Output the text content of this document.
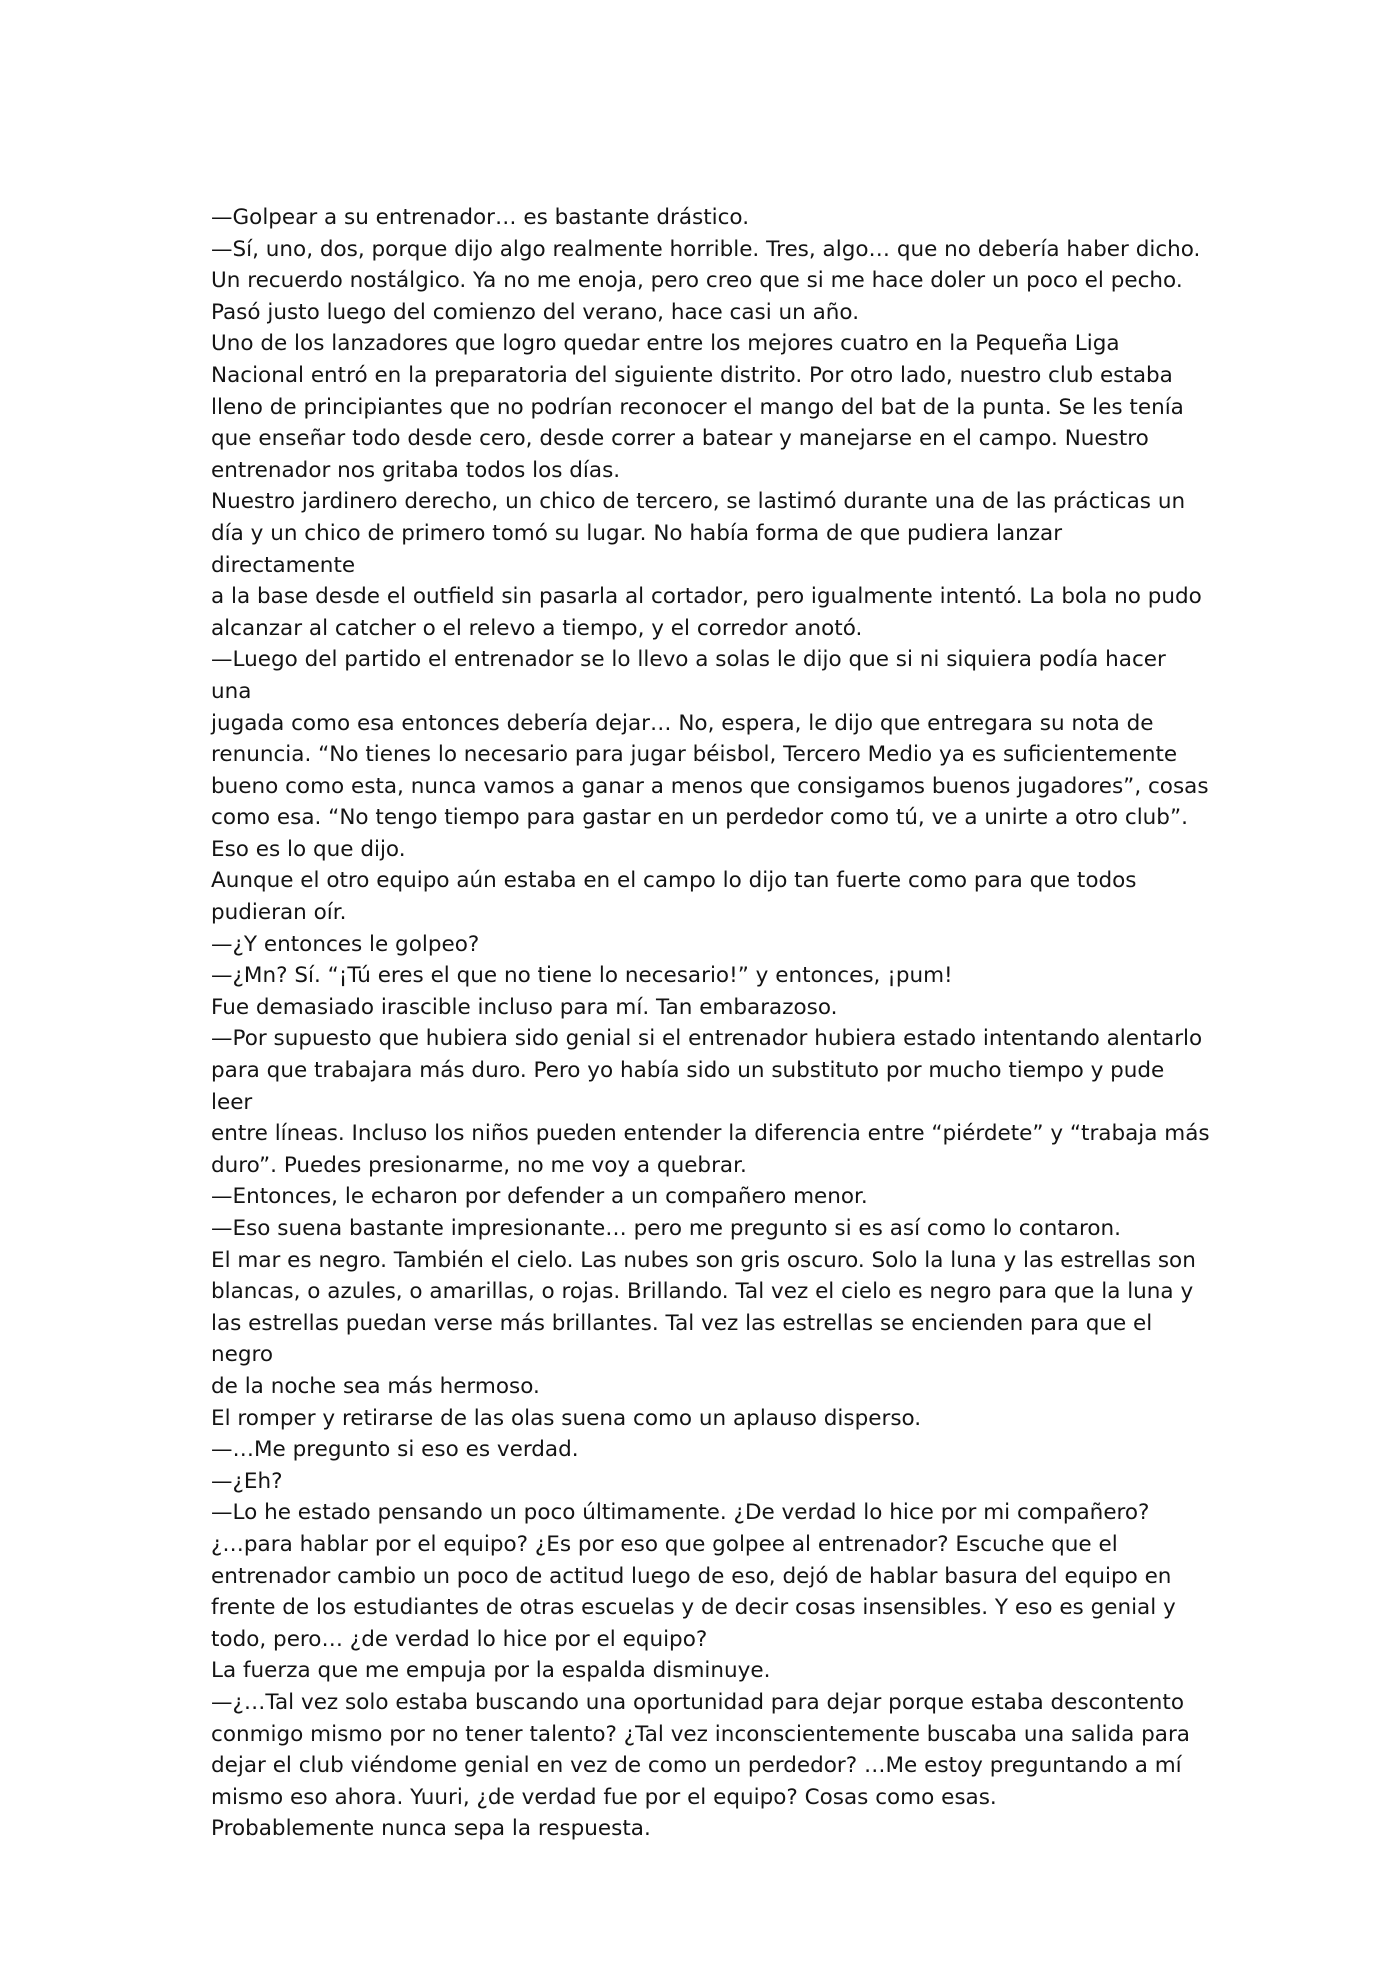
—Golpear a su entrenador… es bastante drástico.

—Sí, uno, dos, porque dijo algo realmente horrible. Tres, algo… que no debería haber dicho.
Un recuerdo nostálgico. Ya no me enoja, pero creo que si me hace doler un poco el pecho.
Pasó justo luego del comienzo del verano, hace casi un año.

Uno de los lanzadores que logro quedar entre los mejores cuatro en la Pequeña Liga
Nacional entró en la preparatoria del siguiente distrito. Por otro lado, nuestro club estaba
lleno de principiantes que no podrían reconocer el mango del bat de la punta. Se les tenía
que enseñar todo desde cero, desde correr a batear y manejarse en el campo. Nuestro
entrenador nos gritaba todos los días.

Nuestro jardinero derecho, un chico de tercero, se lastimó durante una de las prácticas un
día y un chico de primero tomó su lugar. No había forma de que pudiera lanzar directamente
a la base desde el outfield sin pasarla al cortador, pero igualmente intentó. La bola no pudo
alcanzar al catcher o el relevo a tiempo, y el corredor anotó.

—Luego del partido el entrenador se lo llevo a solas le dijo que si ni siquiera podía hacer una
jugada como esa entonces debería dejar… No, espera, le dijo que entregara su nota de
renuncia. “No tienes lo necesario para jugar béisbol, Tercero Medio ya es suficientemente
bueno como esta, nunca vamos a ganar a menos que consigamos buenos jugadores”, cosas
como esa. “No tengo tiempo para gastar en un perdedor como tú, ve a unirte a otro club”.
Eso es lo que dijo.

Aunque el otro equipo aún estaba en el campo lo dijo tan fuerte como para que todos
pudieran oír.

—¿Y entonces le golpeo?

—¿Mn? Sí. “¡Tú eres el que no tiene lo necesario!” y entonces, ¡pum!

Fue demasiado irascible incluso para mí. Tan embarazoso.

—Por supuesto que hubiera sido genial si el entrenador hubiera estado intentando alentarlo
para que trabajara más duro. Pero yo había sido un substituto por mucho tiempo y pude leer
entre líneas. Incluso los niños pueden entender la diferencia entre “piérdete” y “trabaja más
duro”. Puedes presionarme, no me voy a quebrar.

—Entonces, le echaron por defender a un compañero menor.

—Eso suena bastante impresionante… pero me pregunto si es así como lo contaron.

El mar es negro. También el cielo. Las nubes son gris oscuro. Solo la luna y las estrellas son
blancas, o azules, o amarillas, o rojas. Brillando. Tal vez el cielo es negro para que la luna y
las estrellas puedan verse más brillantes. Tal vez las estrellas se encienden para que el negro
de la noche sea más hermoso.

El romper y retirarse de las olas suena como un aplauso disperso.

—…Me pregunto si eso es verdad.

—¿Eh?

—Lo he estado pensando un poco últimamente. ¿De verdad lo hice por mi compañero?
¿…para hablar por el equipo? ¿Es por eso que golpee al entrenador? Escuche que el
entrenador cambio un poco de actitud luego de eso, dejó de hablar basura del equipo en
frente de los estudiantes de otras escuelas y de decir cosas insensibles. Y eso es genial y
todo, pero… ¿de verdad lo hice por el equipo?

La fuerza que me empuja por la espalda disminuye.

—¿…Tal vez solo estaba buscando una oportunidad para dejar porque estaba descontento
conmigo mismo por no tener talento? ¿Tal vez inconscientemente buscaba una salida para
dejar el club viéndome genial en vez de como un perdedor? …Me estoy preguntando a mí
mismo eso ahora. Yuuri, ¿de verdad fue por el equipo? Cosas como esas.

Probablemente nunca sepa la respuesta.
